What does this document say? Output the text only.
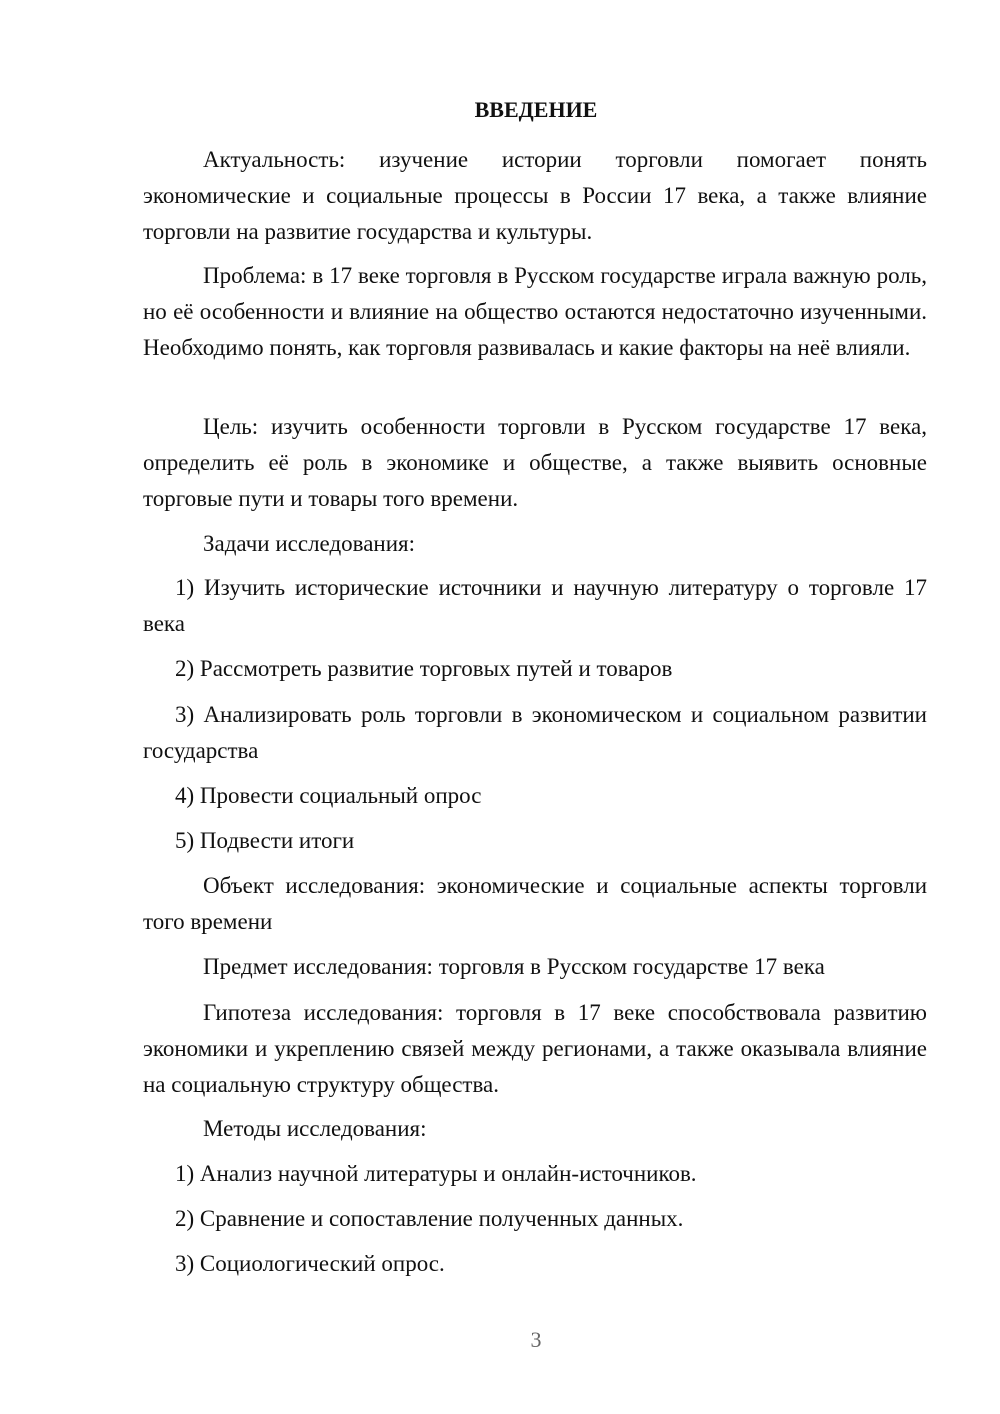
ВВЕДЕНИЕ

Актуальность: изучение истории торговли помогает понять экономические и социальные процессы в России 17 века, а также влияние торговли на развитие государства и культуры.

Проблема: в 17 веке торговля в Русском государстве играла важную роль, но её особенности и влияние на общество остаются недостаточно изученными. Необходимо понять, как торговля развивалась и какие факторы на неё влияли.

Цель: изучить особенности торговли в Русском государстве 17 века, определить её роль в экономике и обществе, а также выявить основные торговые пути и товары того времени.

Задачи исследования:

1) Изучить исторические источники и научную литературу о торговле 17 века

2) Рассмотреть развитие торговых путей и товаров

3) Анализировать роль торговли в экономическом и социальном развитии государства

4) Провести социальный опрос

5) Подвести итоги

Объект исследования: экономические и социальные аспекты торговли того времени

Предмет исследования: торговля в Русском государстве 17 века

Гипотеза исследования: торговля в 17 веке способствовала развитию экономики и укреплению связей между регионами, а также оказывала влияние на социальную структуру общества.

Методы исследования:

1) Анализ научной литературы и онлайн-источников.

2) Сравнение и сопоставление полученных данных.

3) Социологический опрос.

3
